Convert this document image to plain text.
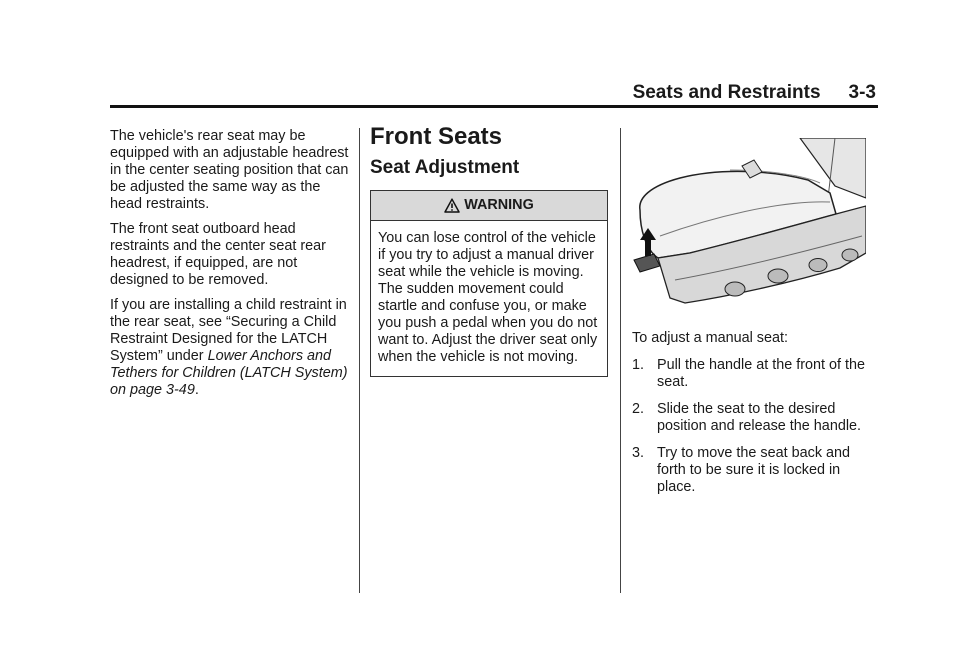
Seats and Restraints 3-3

The vehicle's rear seat may be equipped with an adjustable headrest in the center seating position that can be adjusted the same way as the head restraints.

The front seat outboard head restraints and the center seat rear headrest, if equipped, are not designed to be removed.

If you are installing a child restraint in the rear seat, see “Securing a Child Restraint Designed for the LATCH System” under Lower Anchors and Tethers for Children (LATCH System) on page 3-49.

Front Seats
Seat Adjustment
WARNING
You can lose control of the vehicle if you try to adjust a manual driver seat while the vehicle is moving. The sudden movement could startle and confuse you, or make you push a pedal when you do not want to. Adjust the driver seat only when the vehicle is not moving.

To adjust a manual seat:

1. Pull the handle at the front of the seat.
2. Slide the seat to the desired position and release the handle.
3. Try to move the seat back and forth to be sure it is locked in place.
